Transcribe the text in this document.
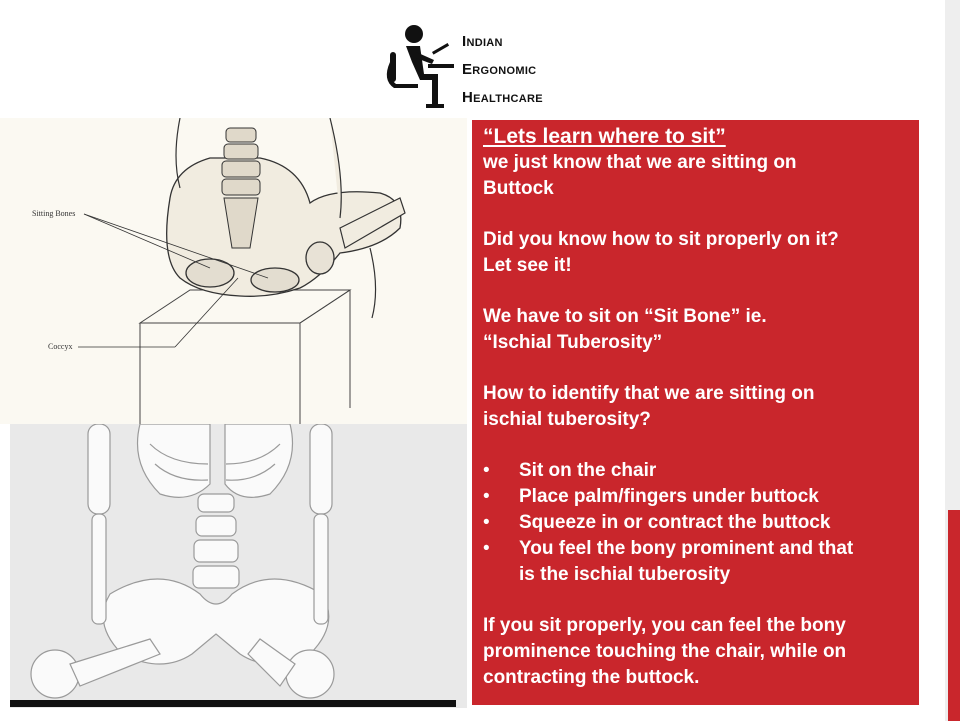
Indian
Ergonomic
Healthcare
Sitting Bones
Coccyx

“Lets learn where to sit”

we just know that we are sitting on

Buttock

Did you know how to sit properly on it?

Let see it!

We have to sit on “Sit Bone” ie.

“Ischial Tuberosity”

How to identify that we are sitting on

ischial tuberosity?

• Sit on the chair
• Place palm/fingers under buttock
• Squeeze in or contract the buttock
• You feel the bony prominent and that
is the ischial tuberosity

If you sit properly, you can feel the bony

prominence touching the chair, while on

contracting the buttock.
